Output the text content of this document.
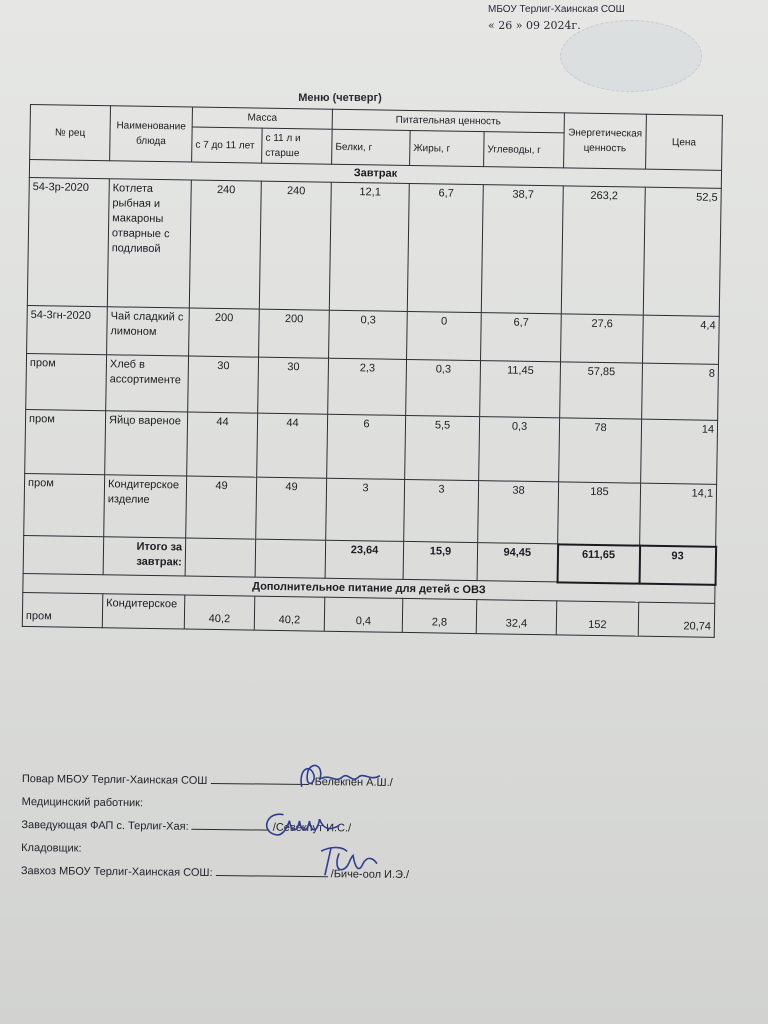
МБОУ Терлиг-Хаинская СОШ
« 26 » 09 2024г.
Меню (четверг)
№ рец	Наименование блюда	Масса		Питательная ценность			Энергетическая ценность	Цена
		с 7 до 11 лет	с 11 л и старше	Белки, г	Жиры, г	Углеводы, г		
Завтрак								
54-3р-2020	Котлета рыбная и макароны отварные с подливой	240	240	12,1	6,7	38,7	263,2	52,5
54-3гн-2020	Чай сладкий с лимоном	200	200	0,3	0	6,7	27,6	4,4
пром	Хлеб в ассортименте	30	30	2,3	0,3	11,45	57,85	8
пром	Яйцо вареное	44	44	6	5,5	0,3	78	14
пром	Кондитерское изделие	49	49	3	3	38	185	14,1
	Итого за завтрак:			23,64	15,9	94,45	611,65	93
Дополнительное питание для детей с ОВЗ								
пром	Кондитерское	40,2	40,2	0,4	2,8	32,4	152	20,74
Повар МБОУ Терлиг-Хаинская СОШ	/Белекпен А.Ш./
Медицинский работник:
Заведующая ФАП с. Терлиг-Хая:	/Севекпут И.С./
Кладовщик:
Завхоз МБОУ Терлиг-Хаинская СОШ:	/Биче-оол И.Э./
